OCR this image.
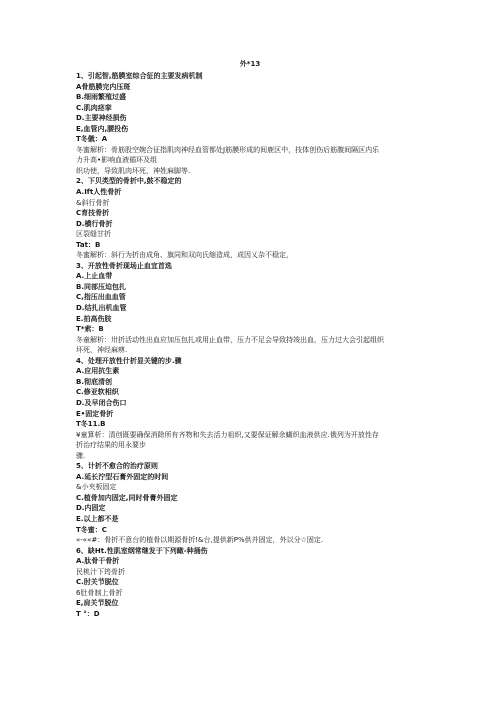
外*13
1、引起智,筋膜室综合征的主要发病机制
A骨筋膜完内压斑
B.细雨繁殖过盛
C.肌肉痉挛
D.主要神经损伤
E,血管内,腰投伤
T冬僦：A
冬蜜解析：骨筋股空婉合征指肌肉神经血管都处J筋膜形成的间鹿区中，技体创伤后筋腹间隔区内乐
力升高•影响血液循环及组
织功使，导致肌肉坏死，神姓麻脚等.
2、下贝类型的骨折中,鼓不稳定的
A.Ift人性骨折
&斜行骨折
C育技骨折
D.横行骨折
区裂缝甘折
Tat：B
冬蜜解析：斜行为折由成角、旗同和双向氏缩造成，成因乂杂不稳定，
3、开放性骨折现场止血宜首选
A.上止血带
B.同部压迫包扎
C,指压出血血管
D.结扎出机血管
E.拍高伤肢
T*索：B
冬童解析：卅折活动性出血应加压包扎或用止血带，压力不足会导致持竣出血，压力过大会引起组织
坏死，神经麻痹.
4、处理开放性什折显关键的步.骤
A.应用抗生素
B.彻底清创
C.修亚软相织
D.及早闭合伤口
E•固定骨折
T冬11.B
¥童算析：清创既要确保消除所有齐物和失去活力祖织,又要保证解余蝴织血液供应.俄列为开放性存
折治疗结果的用永要步
骤.
5、计折不愈合的治疗原则
A.延长泞型石膏外固定的时间
&小夹板固定
C.植骨加内固定,同时骨膏外固定
D.内固定
E.以上都不是
T冬蜜：C
«-««#：骨折不意台的植骨以期源骨折!&台,提供新P%供并固定，外以分☆固定.
6、缺Ht.性肌室纲常继发于下列瞰-种捅伤
A.肽骨干骨折
民桃汁下筠骨折
C.肘关节脱位
6肚骨制上骨折
E,肩关节脱位
T °：D
